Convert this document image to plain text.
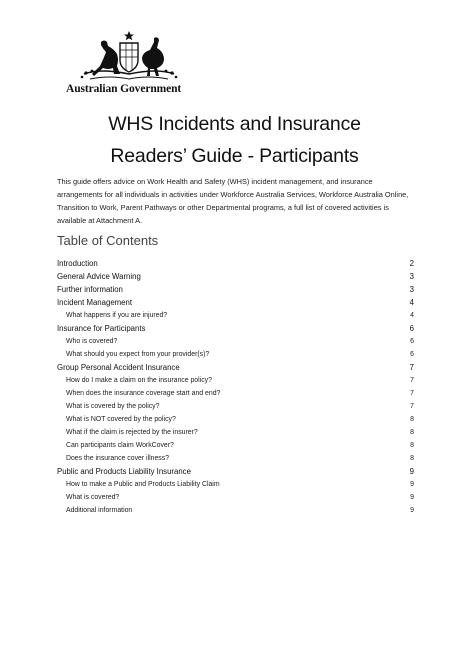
Australian Government
WHS Incidents and Insurance
Readers’ Guide - Participants
This guide offers advice on Work Health and Safety (WHS) incident management, and insurance arrangements for all individuals in activities under Workforce Australia Services, Workforce Australia Online, Transition to Work, Parent Pathways or other Departmental programs, a full list of covered activities is available at Attachment A.
Table of Contents
Introduction	2
General Advice Warning	3
Further information	3
Incident Management	4
What happens if you are injured?	4
Insurance for Participants	6
Who is covered?	6
What should you expect from your provider(s)?	6
Group Personal Accident Insurance	7
How do I make a claim on the insurance policy?	7
When does the insurance coverage start and end?	7
What is covered by the policy?	7
What is NOT covered by the policy?	8
What if the claim is rejected by the insurer?	8
Can participants claim WorkCover?	8
Does the insurance cover illness?	8
Public and Products Liability Insurance	9
How to make a Public and Products Liability Claim	9
What is covered?	9
Additional information	9
